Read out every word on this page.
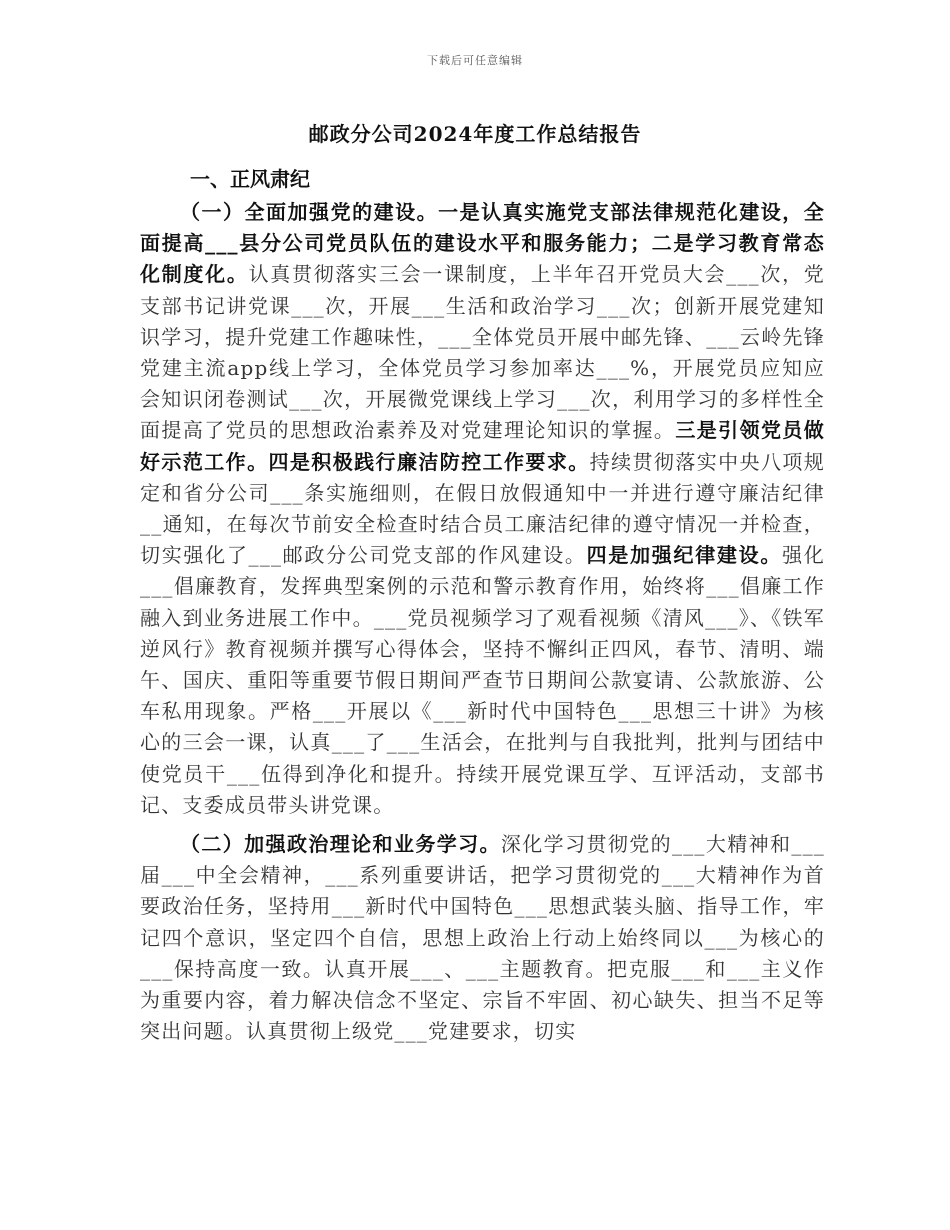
下载后可任意编辑
邮政分公司2024年度工作总结报告
一、正风肃纪

（一）全面加强党的建设。一是认真实施党支部法律规范化建设，全面提高___县分公司党员队伍的建设水平和服务能力；二是学习教育常态化制度化。认真贯彻落实三会一课制度，上半年召开党员大会___次，党支部书记讲党课___次，开展___生活和政治学习___次；创新开展党建知识学习，提升党建工作趣味性，___全体党员开展中邮先锋、___云岭先锋党建主流app线上学习，全体党员学习参加率达___%，开展党员应知应会知识闭卷测试___次，开展微党课线上学习___次，利用学习的多样性全面提高了党员的思想政治素养及对党建理论知识的掌握。三是引领党员做好示范工作。四是积极践行廉洁防控工作要求。持续贯彻落实中央八项规定和省分公司___条实施细则，在假日放假通知中一并进行遵守廉洁纪律__通知，在每次节前安全检查时结合员工廉洁纪律的遵守情况一并检查，切实强化了___邮政分公司党支部的作风建设。四是加强纪律建设。强化___倡廉教育，发挥典型案例的示范和警示教育作用，始终将___倡廉工作融入到业务进展工作中。___党员视频学习了观看视频《清风___》、《铁军逆风行》教育视频并撰写心得体会，坚持不懈纠正四风，春节、清明、端午、国庆、重阳等重要节假日期间严查节日期间公款宴请、公款旅游、公车私用现象。严格___开展以《___新时代中国特色___思想三十讲》为核心的三会一课，认真___了___生活会，在批判与自我批判，批判与团结中使党员干___伍得到净化和提升。持续开展党课互学、互评活动，支部书记、支委成员带头讲党课。

（二）加强政治理论和业务学习。深化学习贯彻党的___大精神和___届___中全会精神，___系列重要讲话，把学习贯彻党的___大精神作为首要政治任务，坚持用___新时代中国特色___思想武装头脑、指导工作，牢记四个意识，坚定四个自信，思想上政治上行动上始终同以___为核心的___保持高度一致。认真开展___、___主题教育。把克服___和___主义作为重要内容，着力解决信念不坚定、宗旨不牢固、初心缺失、担当不足等突出问题。认真贯彻上级党___党建要求，切实
